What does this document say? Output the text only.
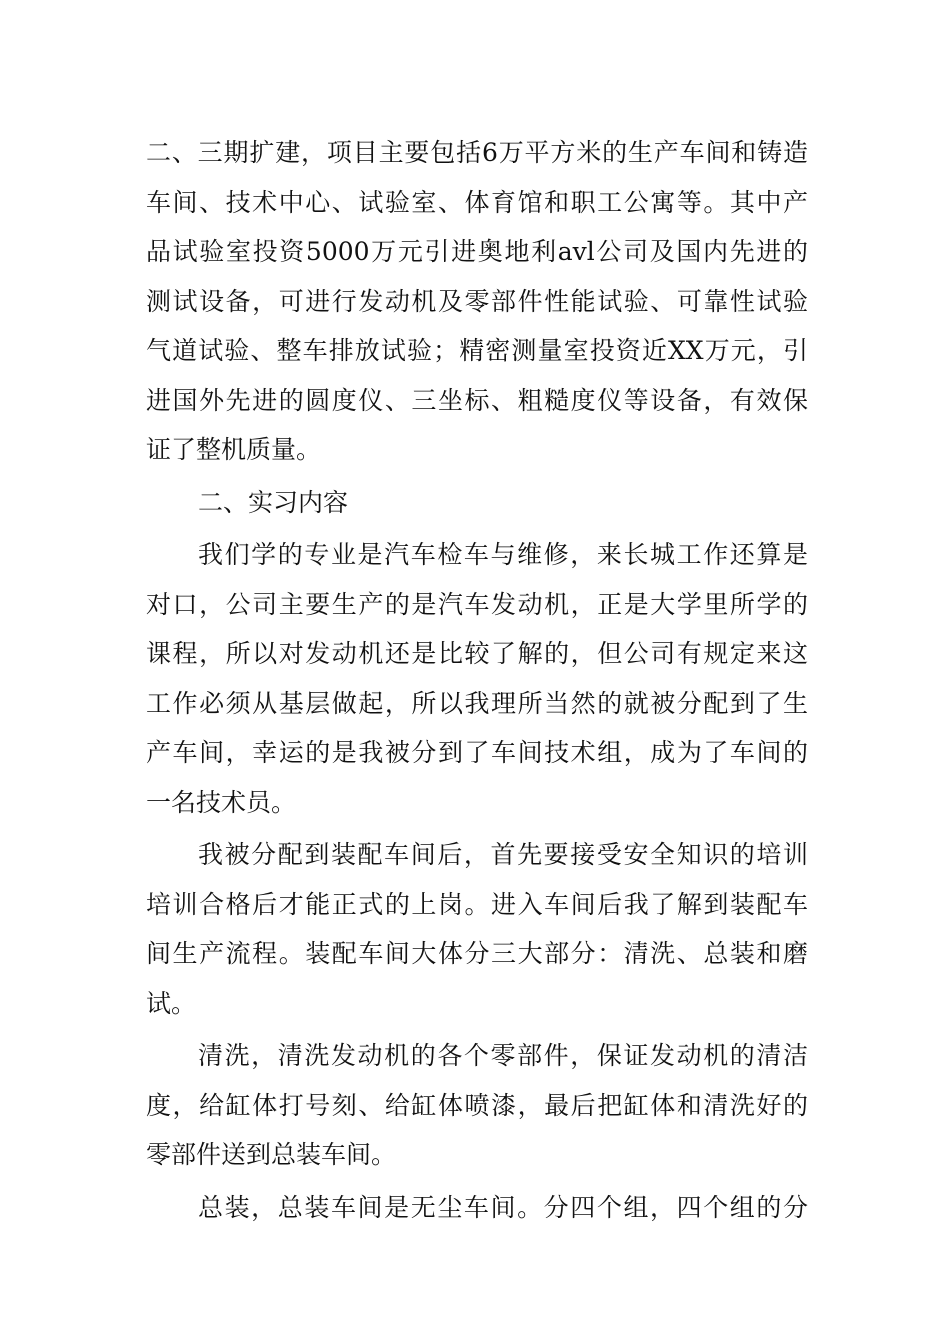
二、三期扩建，项目主要包括6万平方米的生产车间和铸造
车间、技术中心、试验室、体育馆和职工公寓等。其中产
品试验室投资5000万元引进奥地利avl公司及国内先进的
测试设备，可进行发动机及零部件性能试验、可靠性试验
气道试验、整车排放试验；精密测量室投资近XX万元，引
进国外先进的圆度仪、三坐标、粗糙度仪等设备，有效保
证了整机质量。
二、实习内容
我们学的专业是汽车检车与维修，来长城工作还算是
对口，公司主要生产的是汽车发动机，正是大学里所学的
课程，所以对发动机还是比较了解的，但公司有规定来这
工作必须从基层做起，所以我理所当然的就被分配到了生
产车间，幸运的是我被分到了车间技术组，成为了车间的
一名技术员。
我被分配到装配车间后，首先要接受安全知识的培训
培训合格后才能正式的上岗。进入车间后我了解到装配车
间生产流程。装配车间大体分三大部分：清洗、总装和磨
试。
清洗，清洗发动机的各个零部件，保证发动机的清洁
度，给缸体打号刻、给缸体喷漆，最后把缸体和清洗好的
零部件送到总装车间。
总装，总装车间是无尘车间。分四个组，四个组的分
